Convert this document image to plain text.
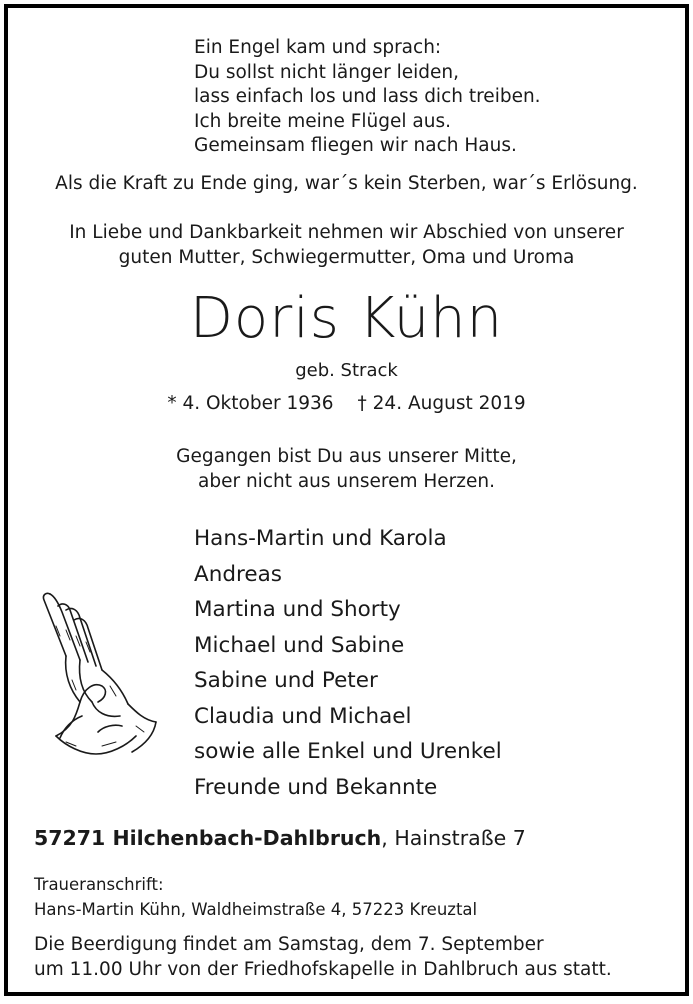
Ein Engel kam und sprach:
Du sollst nicht länger leiden,
lass einfach los und lass dich treiben.
Ich breite meine Flügel aus.
Gemeinsam fliegen wir nach Haus.
Als die Kraft zu Ende ging, war´s kein Sterben, war´s Erlösung.
In Liebe und Dankbarkeit nehmen wir Abschied von unserer
guten Mutter, Schwiegermutter, Oma und Uroma
Doris Kühn
geb. Strack
* 4. Oktober 1936 † 24. August 2019
Gegangen bist Du aus unserer Mitte,
aber nicht aus unserem Herzen.
Hans-Martin und Karola
Andreas
Martina und Shorty
Michael und Sabine
Sabine und Peter
Claudia und Michael
sowie alle Enkel und Urenkel
Freunde und Bekannte
57271 Hilchenbach-Dahlbruch, Hainstraße 7
Traueranschrift:
Hans-Martin Kühn, Waldheimstraße 4, 57223 Kreuztal
Die Beerdigung findet am Samstag, dem 7. September
um 11.00 Uhr von der Friedhofskapelle in Dahlbruch aus statt.
